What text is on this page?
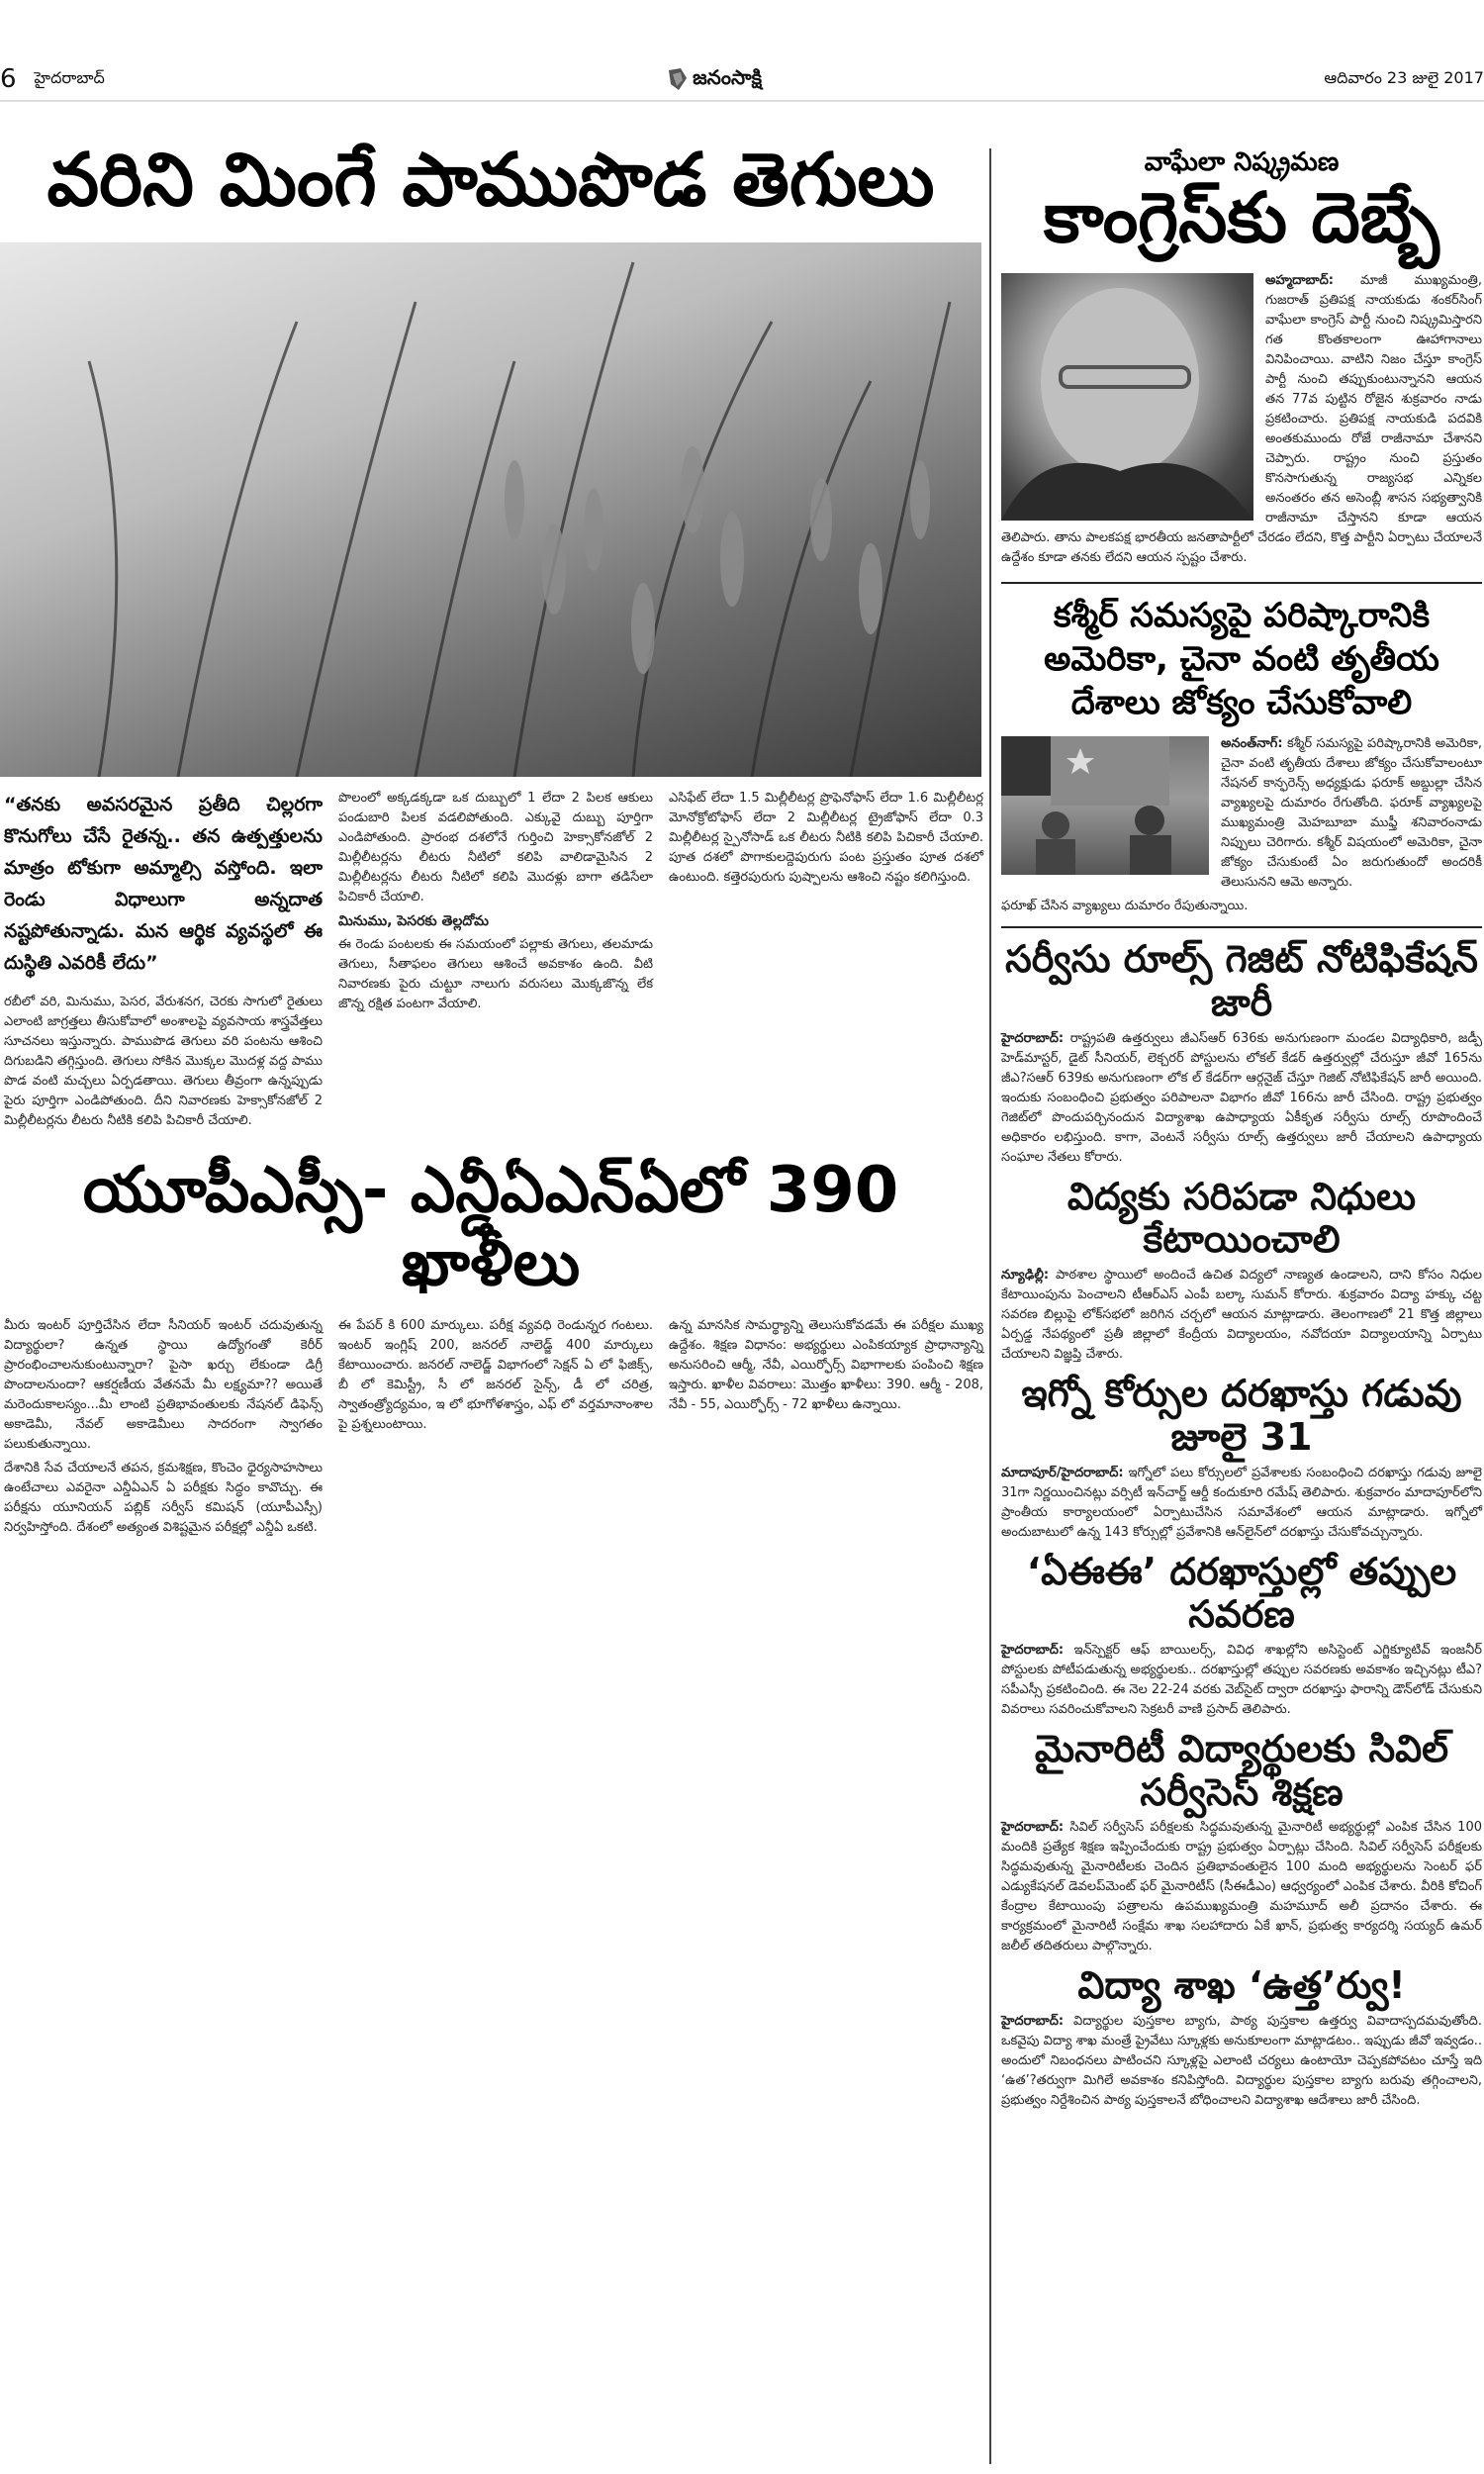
6 హైదరాబాద్	జనంసాక్షి	ఆదివారం 23 జులై 2017
వరిని మింగే పాముపొడ తెగులు
“తనకు అవసరమైన ప్రతీది చిల్లరగా కొనుగోలు చేసే రైతన్న.. తన ఉత్పత్తులను మాత్రం టోకుగా అమ్మాల్సి వస్తోంది. ఇలా రెండు విధాలుగా అన్నదాత నష్టపోతున్నాడు. మన ఆర్థిక వ్యవస్థలో ఈ దుస్థితి ఎవరికీ లేదు”

రబీలో వరి, మినుము, పెసర, వేరుశనగ, చెరకు సాగులో రైతులు ఎలాంటి జాగ్రత్తలు తీసుకోవాలో అంశాలపై వ్యవసాయ శాస్త్రవేత్తలు సూచనలు ఇస్తున్నారు. పాముపొడ తెగులు వరి పంటను ఆశించి దిగుబడిని తగ్గిస్తుంది. తెగులు సోకిన మొక్కల మొదళ్ల వద్ద పాము పొడ వంటి మచ్చలు ఏర్పడతాయి. తెగులు తీవ్రంగా ఉన్నప్పుడు పైరు పూర్తిగా ఎండిపోతుంది. దీని నివారణకు హెక్సాకోనజోల్ 2 మిల్లీలీటర్లను లీటరు నీటికి కలిపి పిచికారీ చేయాలి.

పొలంలో అక్కడక్కడా ఒక దుబ్బులో 1 లేదా 2 పిలక ఆకులు పండుబారి పిలక వడలిపోతుంది. ఎక్కువై దుబ్బు పూర్తిగా ఎండిపోతుంది. ప్రారంభ దశలోనే గుర్తించి హెక్సాకోనజోల్ 2 మిల్లీలీటర్లను లీటరు నీటిలో కలిపి వాలిడామైసిన 2 మిల్లీలీటర్లను లీటరు నీటిలో కలిపి మొదళ్లు బాగా తడిసేలా పిచికారీ చేయాలి.

మినుము, పెసరకు తెల్లదోమ

ఈ రెండు పంటలకు ఈ సమయంలో పల్లాకు తెగులు, తలమాడు తెగులు, సీతాఫలం తెగులు ఆశించే అవకాశం ఉంది. వీటి నివారణకు పైరు చుట్టూ నాలుగు వరుసలు మొక్కజొన్న లేక జొన్న రక్షిత పంటగా వేయాలి.

ఎసిఫేట్ లేదా 1.5 మిల్లీలీటర్ల ప్రొఫెనోఫాస్ లేదా 1.6 మిల్లీలీటర్ల మోనోక్రోటోఫాస్ లేదా 2 మిల్లీలీటర్ల ట్రైజోఫాస్ లేదా 0.3 మిల్లీలీటర్ల స్పైనోసాడ్ ఒక లీటరు నీటికి కలిపి పిచికారీ చేయాలి. పూత దశలో పొగాకులద్దెపురుగు పంట ప్రస్తుతం పూత దశలో ఉంటుంది. కత్తెరపురుగు పుష్పాలను ఆశించి నష్టం కలిగిస్తుంది.

యూపీఎస్సీ- ఎన్డీఏఎన్ఏలో 390 ఖాళీలు

మీరు ఇంటర్ పూర్తిచేసిన లేదా సీనియర్ ఇంటర్ చదువుతున్న విద్యార్థులా? ఉన్నత స్థాయి ఉద్యోగంతో కెరీర్ ప్రారంభించాలనుకుంటున్నారా? పైసా ఖర్చు లేకుండా డిగ్రీ పొందాలనుందా? ఆకర్షణీయ వేతనమే మీ లక్ష్యమా?? అయితే మరెందుకాలస్యం...మీ లాంటి ప్రతిభావంతులకు నేషనల్ డిఫెన్స్ అకాడెమీ, నేవల్ అకాడెమీలు సాదరంగా స్వాగతం పలుకుతున్నాయి.

దేశానికి సేవ చేయాలనే తపన, క్రమశిక్షణ, కొంచెం ధైర్యసాహసాలు ఉంటేచాలు ఎవరైనా ఎన్డీఏఎన్ ఏ పరీక్షకు సిద్ధం కావొచ్చు. ఈ పరీక్షను యూనియన్ పబ్లిక్ సర్వీస్ కమిషన్ (యూపీఎస్సీ) నిర్వహిస్తోంది. దేశంలో అత్యంత విశిష్టమైన పరీక్షల్లో ఎన్డీఏ ఒకటి.

ఈ పేపర్ కి 600 మార్కులు. పరీక్ష వ్యవధి రెండున్నర గంటలు. ఇంటర్ ఇంగ్లిష్ 200, జనరల్ నాలెడ్జ్ 400 మార్కులు కేటాయించారు. జనరల్ నాలెడ్జ్ విభాగంలో సెక్షన్ ఏ లో ఫిజిక్స్, బీ లో కెమిస్ట్రీ, సీ లో జనరల్ సైన్స్, డీ లో చరిత్ర, స్వాతంత్ర్యోద్యమం, ఇ లో భూగోళశాస్త్రం, ఎఫ్ లో వర్తమానాంశాల పై ప్రశ్నలుంటాయి.

ఉన్న మానసిక సామర్థ్యాన్ని తెలుసుకోవడమే ఈ పరీక్షల ముఖ్య ఉద్దేశం. శిక్షణ విధానం: అభ్యర్థులు ఎంపికయ్యాక ప్రాధాన్యాన్ని అనుసరించి ఆర్మీ, నేవీ, ఎయిర్ఫోర్స్ విభాగాలకు పంపించి శిక్షణ ఇస్తారు. ఖాళీల వివరాలు: మొత్తం ఖాళీలు: 390. ఆర్మీ - 208, నేవీ - 55, ఎయిర్ఫోర్స్ - 72 ఖాళీలు ఉన్నాయి.

వాఘేలా నిష్క్రమణ
కాంగ్రెస్‌కు దెబ్బే

అహ్మదాబాద్: మాజీ ముఖ్యమంత్రి, గుజరాత్ ప్రతిపక్ష నాయకుడు శంకర్‌సింగ్ వాఘేలా కాంగ్రెస్ పార్టీ నుంచి నిష్క్రమిస్తారని గత కొంతకాలంగా ఊహాగానాలు వినిపించాయి. వాటిని నిజం చేస్తూ కాంగ్రెస్ పార్టీ నుంచి తప్పుకుంటున్నానని ఆయన తన 77వ పుట్టిన రోజైన శుక్రవారం నాడు ప్రకటించారు. ప్రతిపక్ష నాయకుడి పదవికి అంతకుముందు రోజే రాజీనామా చేశానని చెప్పారు. రాష్ట్రం నుంచి ప్రస్తుతం కొనసాగుతున్న రాజ్యసభ ఎన్నికల అనంతరం తన అసెంబ్లీ శాసన సభ్యత్వానికి రాజీనామా చేస్తానని కూడా ఆయన తెలిపారు. తాను పాలకపక్ష భారతీయ జనతాపార్టీలో చేరడం లేదని, కొత్త పార్టీని ఏర్పాటు చేయాలనే ఉద్దేశం కూడా తనకు లేదని ఆయన స్పష్టం చేశారు.

కశ్మీర్ సమస్యపై పరిష్కారానికి అమెరికా, చైనా వంటి తృతీయ దేశాలు జోక్యం చేసుకోవాలి

అనంత్‌నాగ్: కశ్మీర్ సమస్యపై పరిష్కారానికి అమెరికా, చైనా వంటి తృతీయ దేశాలు జోక్యం చేసుకోవాలంటూ నేషనల్ కాన్ఫరెన్స్ అధ్యక్షుడు ఫరూక్ అబ్దుల్లా చేసిన వ్యాఖ్యలపై దుమారం రేగుతోంది. ఫరూక్ వ్యాఖ్యలపై ముఖ్యమంత్రి మెహబూబా ముఫ్తీ శనివారంనాడు నిప్పులు చెరిగారు. కశ్మీర్ విషయంలో అమెరికా, చైనా జోక్యం చేసుకుంటే ఏం జరుగుతుందో అందరికీ తెలుసునని ఆమె అన్నారు.

ఫరూఖ్ చేసిన వ్యాఖ్యలు దుమారం రేపుతున్నాయి.

సర్వీసు రూల్స్ గెజిట్ నోటిఫికేషన్ జారీ

హైదరాబాద్: రాష్ట్రపతి ఉత్తర్వులు జీఎస్ఆర్ 636కు అనుగుణంగా మండల విద్యాధికారి, జడ్పీ హెడ్‌మాస్టర్, డైట్ సీనియర్, లెక్చరర్ పోస్టులను లోకల్ కేడర్ ఉత్తర్వుల్లో చేరుస్తూ జీవో 165ను జీఎ?సఆర్ 639కు అనుగుణంగా లోక ల్ కేడర్‌గా ఆర్గనైజ్ చేస్తూ గెజిట్ నోటిఫికేషన్ జారీ అయింది. ఇందుకు సంబంధించి ప్రభుత్వం పరిపాలనా విభాగం జీవో 166ను జారీ చేసింది. రాష్ట్ర ప్రభుత్వం గెజిట్‌లో పొందుపర్చినందున విద్యాశాఖ ఉపాధ్యాయ ఏకీకృత సర్వీసు రూల్స్ రూపొందించే అధికారం లభిస్తుంది. కాగా, వెంటనే సర్వీసు రూల్స్ ఉత్తర్వులు జారీ చేయాలని ఉపాధ్యాయ సంఘాల నేతలు కోరారు.

విద్యకు సరిపడా నిధులు కేటాయించాలి

న్యూఢిల్లీ: పాఠశాల స్థాయిలో అందించే ఉచిత విద్యలో నాణ్యత ఉండాలని, దాని కోసం నిధుల కేటాయింపును పెంచాలని టీఆర్ఎస్ ఎంపీ బల్కా సుమన్ కోరారు. శుక్రవారం విద్యా హక్కు చట్ట సవరణ బిల్లుపై లోక్‌సభలో జరిగిన చర్చలో ఆయన మాట్లాడారు. తెలంగాణలో 21 కొత్త జిల్లాలు ఏర్పడ్డ నేపథ్యంలో ప్రతీ జిల్లాలో కేంద్రీయ విద్యాలయం, నవోదయా విద్యాలయాన్ని ఏర్పాటు చేయాలని విజ్ఞప్తి చేశారు.

ఇగ్నో కోర్సుల దరఖాస్తు గడువు జూలై 31

మాదాపూర్/హైదరాబాద్: ఇగ్నోలో పలు కోర్సులలో ప్రవేశాలకు సంబంధించి దరఖాస్తు గడువు జూలై 31గా నిర్ణయించినట్లు వర్సిటీ ఇన్‌చార్జ్ ఆర్డీ కందుకూరి రమేష్ తెలిపారు. శుక్రవారం మాదాపూర్‌లోని ప్రాంతీయ కార్యాలయంలో ఏర్పాటుచేసిన సమావేశంలో ఆయన మాట్లాడారు. ఇగ్నోలో అందుబాటులో ఉన్న 143 కోర్సుల్లో ప్రవేశానికి ఆన్‌లైన్‌లో దరఖాస్తు చేసుకోవచ్చున్నారు.

‘ఏఈఈ’ దరఖాస్తుల్లో తప్పుల సవరణ

హైదరాబాద్: ఇన్‌స్పెక్టర్ ఆఫ్ బాయిలర్స్, వివిధ శాఖల్లోని అసిస్టెంట్ ఎగ్జిక్యూటివ్ ఇంజనీర్ పోస్టులకు పోటీపడుతున్న అభ్యర్థులకు.. దరఖాస్తుల్లో తప్పుల సవరణకు అవకాశం ఇచ్చినట్లు టీఎ?సపీఎస్సీ ప్రకటించింది. ఈ నెల 22-24 వరకు వెబ్‌సైట్ ద్వారా దరఖాస్తు ఫారాన్ని డౌన్‌లోడ్ చేసుకుని వివరాలు సవరించుకోవాలని సెక్రటరీ వాణి ప్రసాద్ తెలిపారు.

మైనారిటీ విద్యార్థులకు సివిల్ సర్వీసెస్ శిక్షణ

హైదరాబాద్: సివిల్ సర్వీసెస్ పరీక్షలకు సిద్ధమవుతున్న మైనారిటీ అభ్యర్థుల్లో ఎంపిక చేసిన 100 మందికి ప్రత్యేక శిక్షణ ఇప్పించేందుకు రాష్ట్ర ప్రభుత్వం ఏర్పాట్లు చేసింది. సివిల్ సర్వీసెస్ పరీక్షలకు సిద్ధమవుతున్న మైనారిటీలకు చెందిన ప్రతిభావంతులైన 100 మంది అభ్యర్థులను సెంటర్ ఫర్ ఎడ్యుకేషనల్ డెవలప్‌మెంట్ ఫర్ మైనారిటీస్ (సీఈడీఎం) ఆధ్వర్యంలో ఎంపిక చేశారు. వీరికి కోచింగ్ కేంద్రాల కేటాయింపు పత్రాలను ఉపముఖ్యమంత్రి మహమూద్ అలీ ప్రదానం చేశారు. ఈ కార్యక్రమంలో మైనారిటీ సంక్షేమ శాఖ సలహాదారు ఏకే ఖాన్, ప్రభుత్వ కార్యదర్శి సయ్యద్ ఉమర్ జలీల్ తదితరులు పాల్గొన్నారు.

విద్యా శాఖ ‘ఉత్త’ర్వు!

హైదరాబాద్: విద్యార్థుల పుస్తకాల బ్యాగు, పాఠ్య పుస్తకాల ఉత్తర్వు వివాదాస్పదమవుతోంది. ఒకవైపు విద్యా శాఖ మంత్రే ప్రైవేటు స్కూళ్లకు అనుకూలంగా మాట్లాడటం.. ఇప్పుడు జీవో ఇవ్వడం.. అందులో నిబంధనలు పాటించని స్కూళ్లపై ఎలాంటి చర్యలు ఉంటాయో చెప్పకపోవటం చూస్తే ఇది ‘ఉత’?తర్వుగా మిగిలే అవకాశం కనిపిస్తోంది. విద్యార్థుల పుస్తకాల బ్యాగు బరువు తగ్గించాలని, ప్రభుత్వం నిర్దేశించిన పాఠ్య పుస్తకాలనే బోధించాలని విద్యాశాఖ ఆదేశాలు జారీ చేసింది.
